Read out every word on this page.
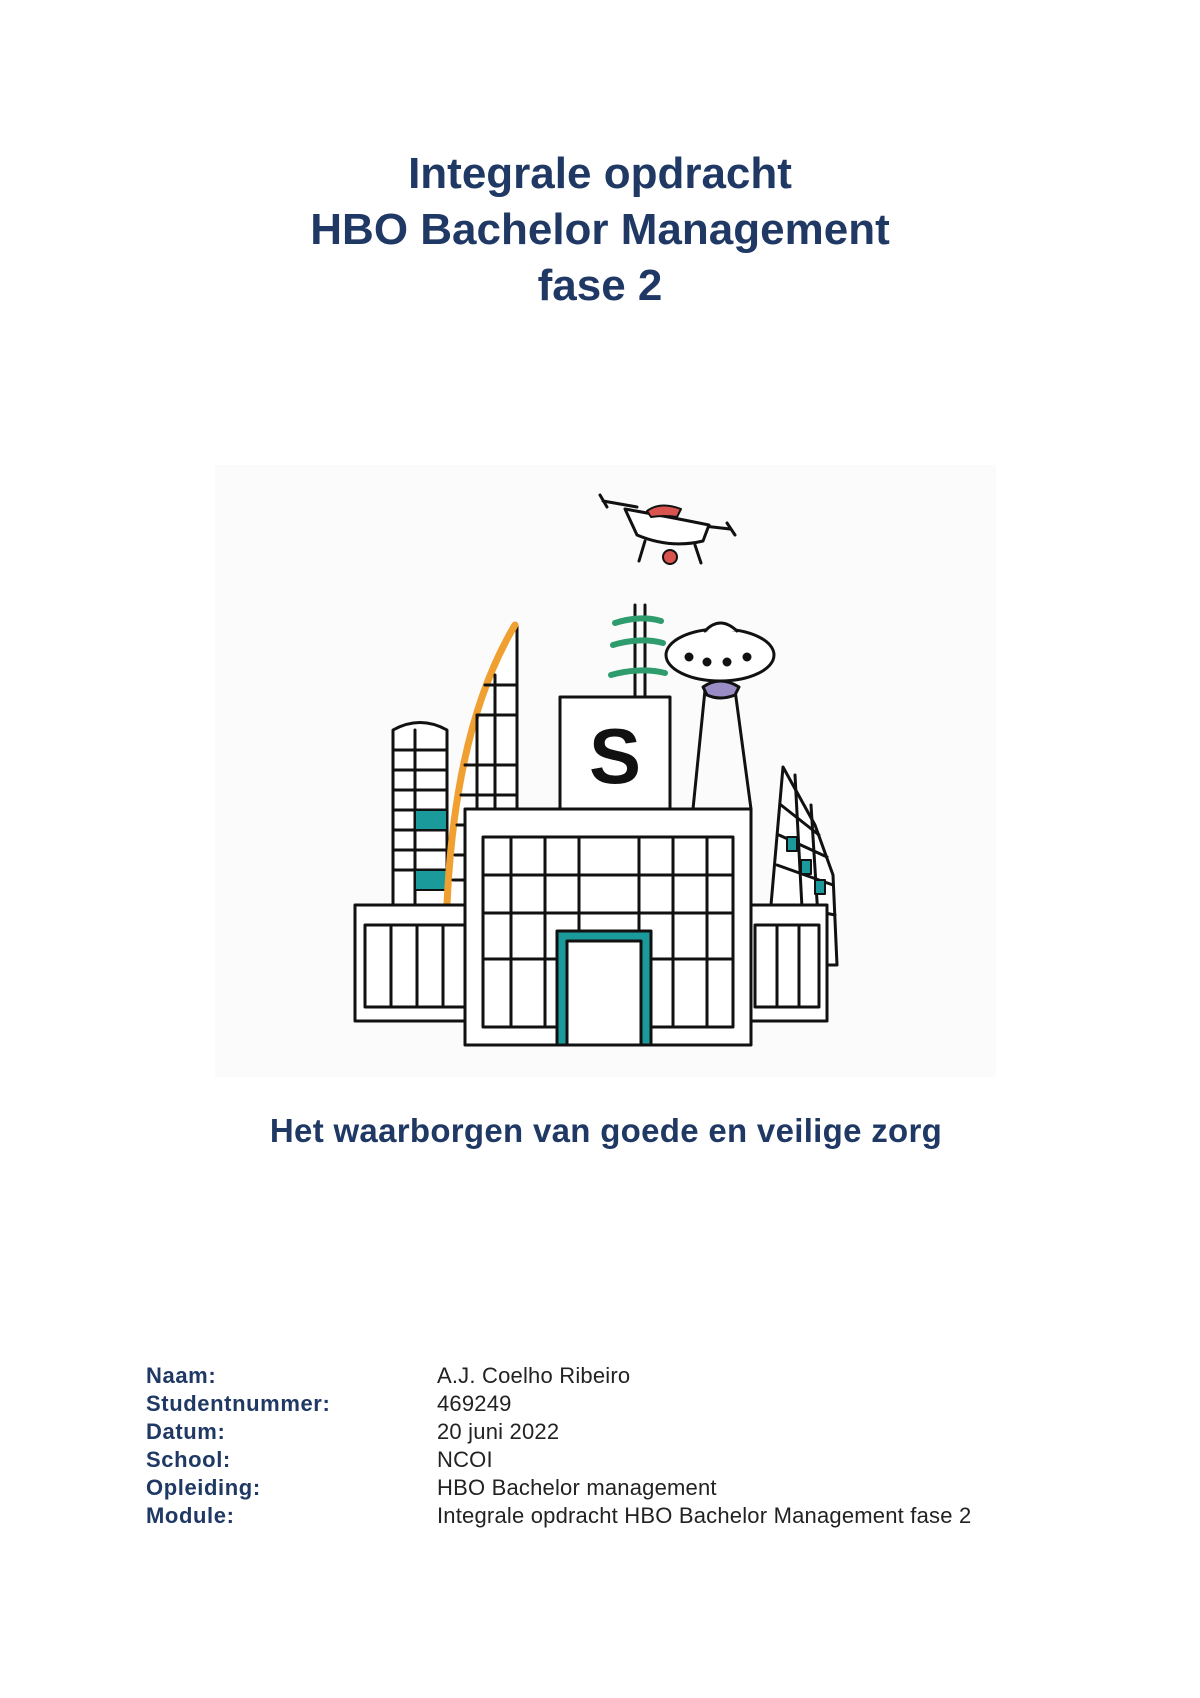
Integrale opdracht
HBO Bachelor Management
fase 2
S
Het waarborgen van goede en veilige zorg
Naam:	A.J. Coelho Ribeiro
Studentnummer:	469249
Datum:	20 juni 2022
School:	NCOI
Opleiding:	HBO Bachelor management
Module:	Integrale opdracht HBO Bachelor Management fase 2
